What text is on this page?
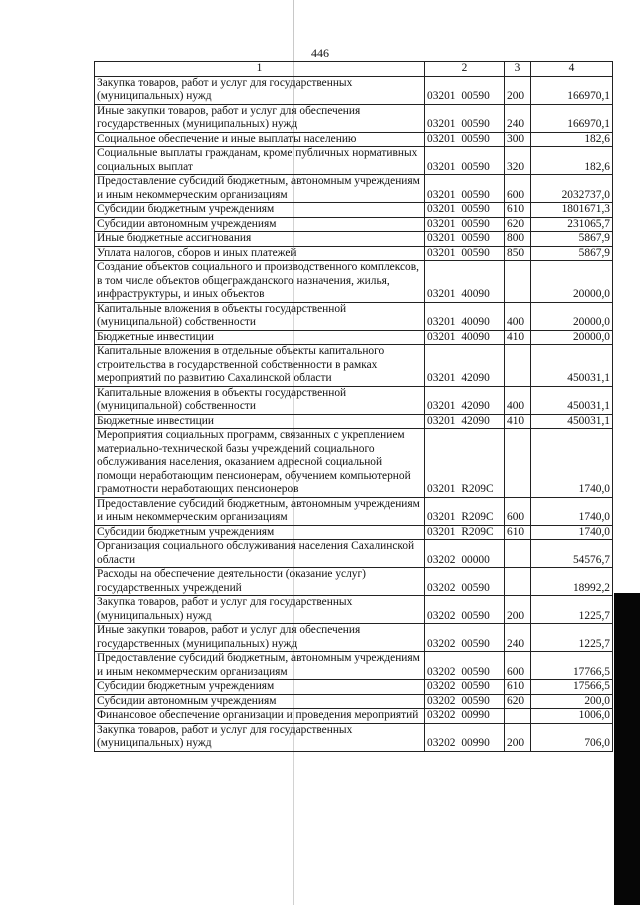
446
1	2	3	4
Закупка товаров, работ и услуг для государственных (муниципальных) нужд	03201 00590	200	166970,1
Иные закупки товаров, работ и услуг для обеспечения государственных (муниципальных) нужд	03201 00590	240	166970,1
Социальное обеспечение и иные выплаты населению	03201 00590	300	182,6
Социальные выплаты гражданам, кроме публичных нормативных социальных выплат	03201 00590	320	182,6
Предоставление субсидий бюджетным, автономным учреждениям и иным некоммерческим организациям	03201 00590	600	2032737,0
Субсидии бюджетным учреждениям	03201 00590	610	1801671,3
Субсидии автономным учреждениям	03201 00590	620	231065,7
Иные бюджетные ассигнования	03201 00590	800	5867,9
Уплата налогов, сборов и иных платежей	03201 00590	850	5867,9
Создание объектов социального и производственного комплексов, в том числе объектов общегражданского назначения, жилья, инфраструктуры, и иных объектов	03201 40090		20000,0
Капитальные вложения в объекты государственной (муниципальной) собственности	03201 40090	400	20000,0
Бюджетные инвестиции	03201 40090	410	20000,0
Капитальные вложения в отдельные объекты капитального строительства в государственной собственности в рамках мероприятий по развитию Сахалинской области	03201 42090		450031,1
Капитальные вложения в объекты государственной (муниципальной) собственности	03201 42090	400	450031,1
Бюджетные инвестиции	03201 42090	410	450031,1
Мероприятия социальных программ, связанных с укреплением материально-технической базы учреждений социального обслуживания населения, оказанием адресной социальной помощи неработающим пенсионерам, обучением компьютерной грамотности неработающих пенсионеров	03201 R209C		1740,0
Предоставление субсидий бюджетным, автономным учреждениям и иным некоммерческим организациям	03201 R209C	600	1740,0
Субсидии бюджетным учреждениям	03201 R209C	610	1740,0
Организация социального обслуживания населения Сахалинской области	03202 00000		54576,7
Расходы на обеспечение деятельности (оказание услуг) государственных учреждений	03202 00590		18992,2
Закупка товаров, работ и услуг для государственных (муниципальных) нужд	03202 00590	200	1225,7
Иные закупки товаров, работ и услуг для обеспечения государственных (муниципальных) нужд	03202 00590	240	1225,7
Предоставление субсидий бюджетным, автономным учреждениям и иным некоммерческим организациям	03202 00590	600	17766,5
Субсидии бюджетным учреждениям	03202 00590	610	17566,5
Субсидии автономным учреждениям	03202 00590	620	200,0
Финансовое обеспечение организации и проведения мероприятий	03202 00990		1006,0
Закупка товаров, работ и услуг для государственных (муниципальных) нужд	03202 00990	200	706,0
